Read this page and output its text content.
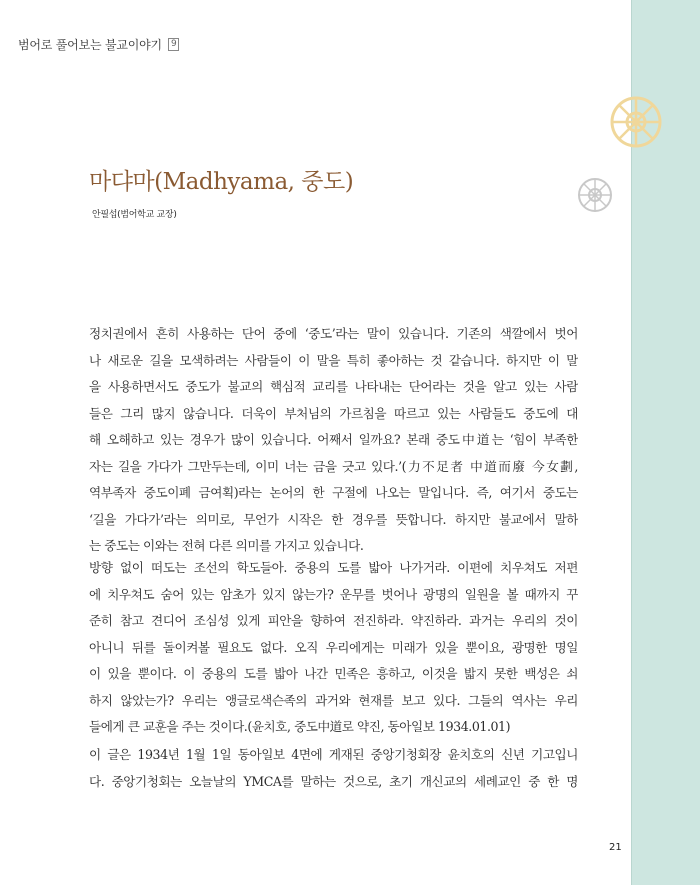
범어로 풀어보는 불교이야기	9
마댜마(Madhyama, 중도)
안필섭(범어학교 교장)
정치권에서 흔히 사용하는 단어 중에 ‘중도’라는 말이 있습니다. 기존의 색깔에서 벗어
나 새로운 길을 모색하려는 사람들이 이 말을 특히 좋아하는 것 같습니다. 하지만 이 말
을 사용하면서도 중도가 불교의 핵심적 교리를 나타내는 단어라는 것을 알고 있는 사람
들은 그리 많지 않습니다. 더욱이 부처님의 가르침을 따르고 있는 사람들도 중도에 대
해 오해하고 있는 경우가 많이 있습니다. 어째서 일까요? 본래 중도中道는 ‘힘이 부족한
자는 길을 가다가 그만두는데, 이미 너는 금을 긋고 있다.’(力不足者 中道而廢 今女劃,
역부족자 중도이폐 금여획)라는 논어의 한 구절에 나오는 말입니다. 즉, 여기서 중도는
‘길을 가다가’라는 의미로, 무언가 시작은 한 경우를 뜻합니다. 하지만 불교에서 말하
는 중도는 이와는 전혀 다른 의미를 가지고 있습니다.
방향 없이 떠도는 조선의 학도들아. 중용의 도를 밟아 나가거라. 이편에 치우쳐도 저편
에 치우쳐도 숨어 있는 암초가 있지 않는가? 운무를 벗어나 광명의 일원을 볼 때까지 꾸
준히 참고 견디어 조심성 있게 피안을 향하여 전진하라. 약진하라. 과거는 우리의 것이
아니니 뒤를 돌이켜볼 필요도 없다. 오직 우리에게는 미래가 있을 뿐이요, 광명한 명일
이 있을 뿐이다. 이 중용의 도를 밟아 나간 민족은 흥하고, 이것을 밟지 못한 백성은 쇠
하지 않았는가? 우리는 앵글로색슨족의 과거와 현재를 보고 있다. 그들의 역사는 우리
들에게 큰 교훈을 주는 것이다.(윤치호, 중도中道로 약진, 동아일보 1934.01.01)
이 글은 1934년 1월 1일 동아일보 4면에 게재된 중앙기청회장 윤치호의 신년 기고입니
다. 중앙기청회는 오늘날의 YMCA를 말하는 것으로, 초기 개신교의 세례교인 중 한 명
21
